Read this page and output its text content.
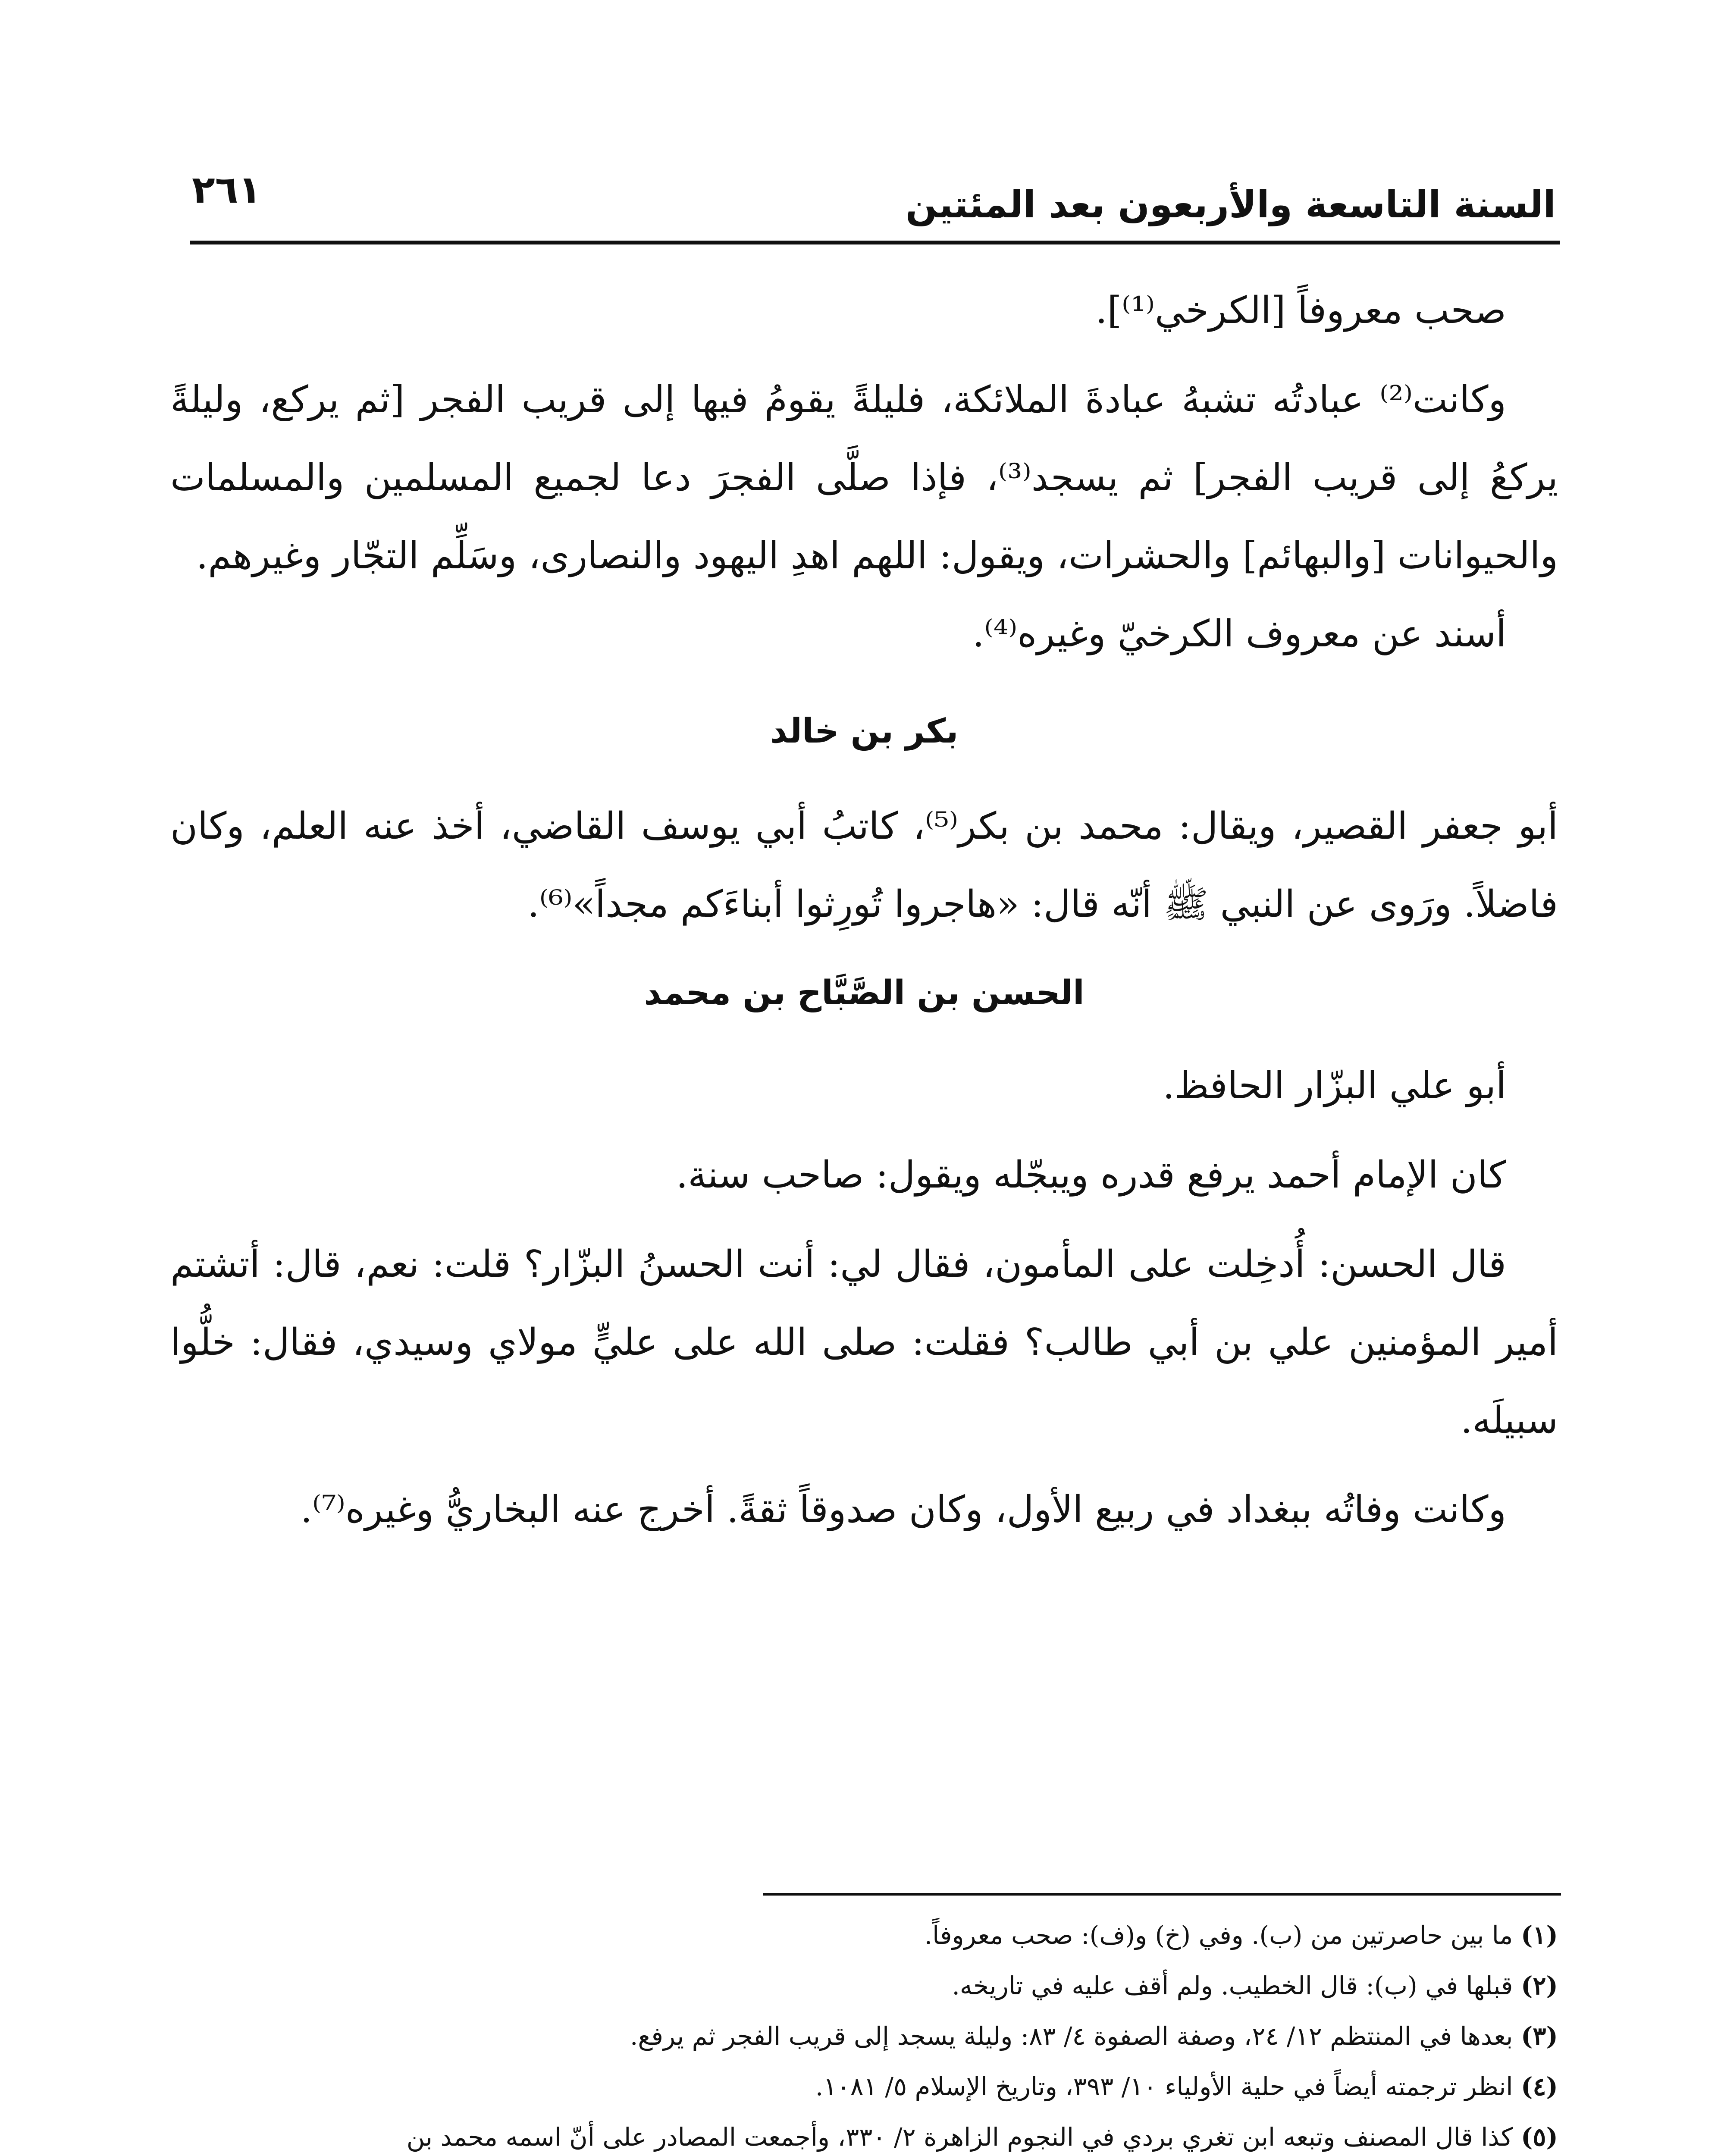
السنة التاسعة والأربعون بعد المئتين
٢٦١

صحب معروفاً [الكرخي⁽¹⁾].

وكانت⁽²⁾ عبادتُه تشبهُ عبادةَ الملائكة، فليلةً يقومُ فيها إلى قريب الفجر [ثم يركع، وليلةً يركعُ إلى قريب الفجر] ثم يسجد⁽³⁾، فإذا صلَّى الفجرَ دعا لجميع المسلمين والمسلمات والحيوانات [والبهائم] والحشرات، ويقول: اللهم اهدِ اليهود والنصارى، وسَلِّم التجّار وغيرهم.

أسند عن معروف الكرخيّ وغيره⁽⁴⁾.

بكر بن خالد

أبو جعفر القصير، ويقال: محمد بن بكر⁽⁵⁾، كاتبُ أبي يوسف القاضي، أخذ عنه العلم، وكان فاضلاً. ورَوى عن النبي ﷺ أنّه قال: «هاجروا تُورِثوا أبناءَكم مجداً»⁽⁶⁾.

الحسن بن الصَّبَّاح بن محمد

أبو علي البزّار الحافظ.

كان الإمام أحمد يرفع قدره ويبجّله ويقول: صاحب سنة.

قال الحسن: أُدخِلت على المأمون، فقال لي: أنت الحسنُ البزّار؟ قلت: نعم، قال: أتشتم أمير المؤمنين علي بن أبي طالب؟ فقلت: صلى الله على عليٍّ مولاي وسيدي، فقال: خلُّوا سبيلَه.

وكانت وفاتُه ببغداد في ربيع الأول، وكان صدوقاً ثقةً. أخرج عنه البخاريُّ وغيره⁽⁷⁾.

(١) ما بين حاصرتين من (ب). وفي (خ) و(ف): صحب معروفاً.

(٢) قبلها في (ب): قال الخطيب. ولم أقف عليه في تاريخه.

(٣) بعدها في المنتظم ١٢/ ٢٤، وصفة الصفوة ٤/ ٨٣: وليلة يسجد إلى قريب الفجر ثم يرفع.

(٤) انظر ترجمته أيضاً في حلية الأولياء ١٠/ ٣٩٣، وتاريخ الإسلام ٥/ ١٠٨١.

(٥) كذا قال المصنف وتبعه ابن تغري بردي في النجوم الزاهرة ٢/ ٣٣٠، وأجمعت المصادر على أنّ اسمه محمد بن
